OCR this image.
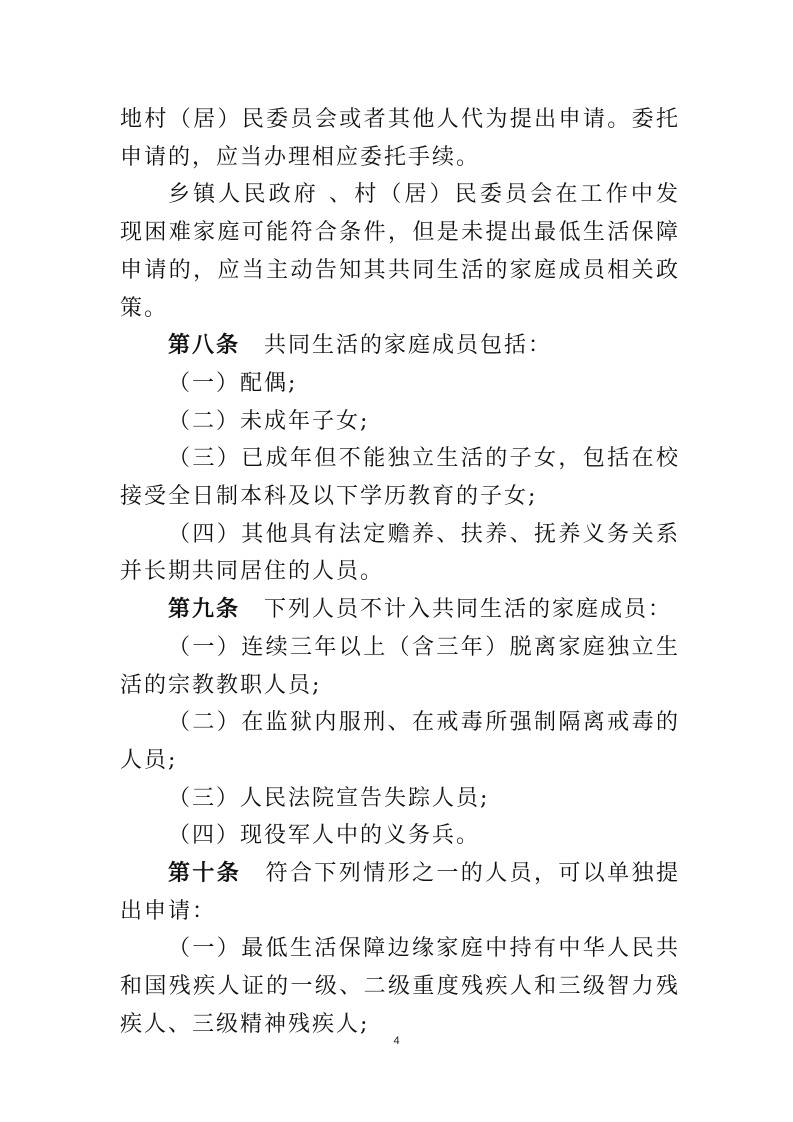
地村（居）民委员会或者其他人代为提出申请。委托申请的，应当办理相应委托手续。

乡镇人民政府 、村（居）民委员会在工作中发现困难家庭可能符合条件，但是未提出最低生活保障申请的，应当主动告知其共同生活的家庭成员相关政策。

第八条　共同生活的家庭成员包括：

（一）配偶;

（二）未成年子女;

（三）已成年但不能独立生活的子女，包括在校接受全日制本科及以下学历教育的子女;

（四）其他具有法定赡养、扶养、抚养义务关系并长期共同居住的人员。

第九条　下列人员不计入共同生活的家庭成员：

（一）连续三年以上（含三年）脱离家庭独立生活的宗教教职人员;

（二）在监狱内服刑、在戒毒所强制隔离戒毒的人员;

（三）人民法院宣告失踪人员;

（四）现役军人中的义务兵。

第十条　符合下列情形之一的人员，可以单独提出申请：

（一）最低生活保障边缘家庭中持有中华人民共和国残疾人证的一级、二级重度残疾人和三级智力残疾人、三级精神残疾人;

4
